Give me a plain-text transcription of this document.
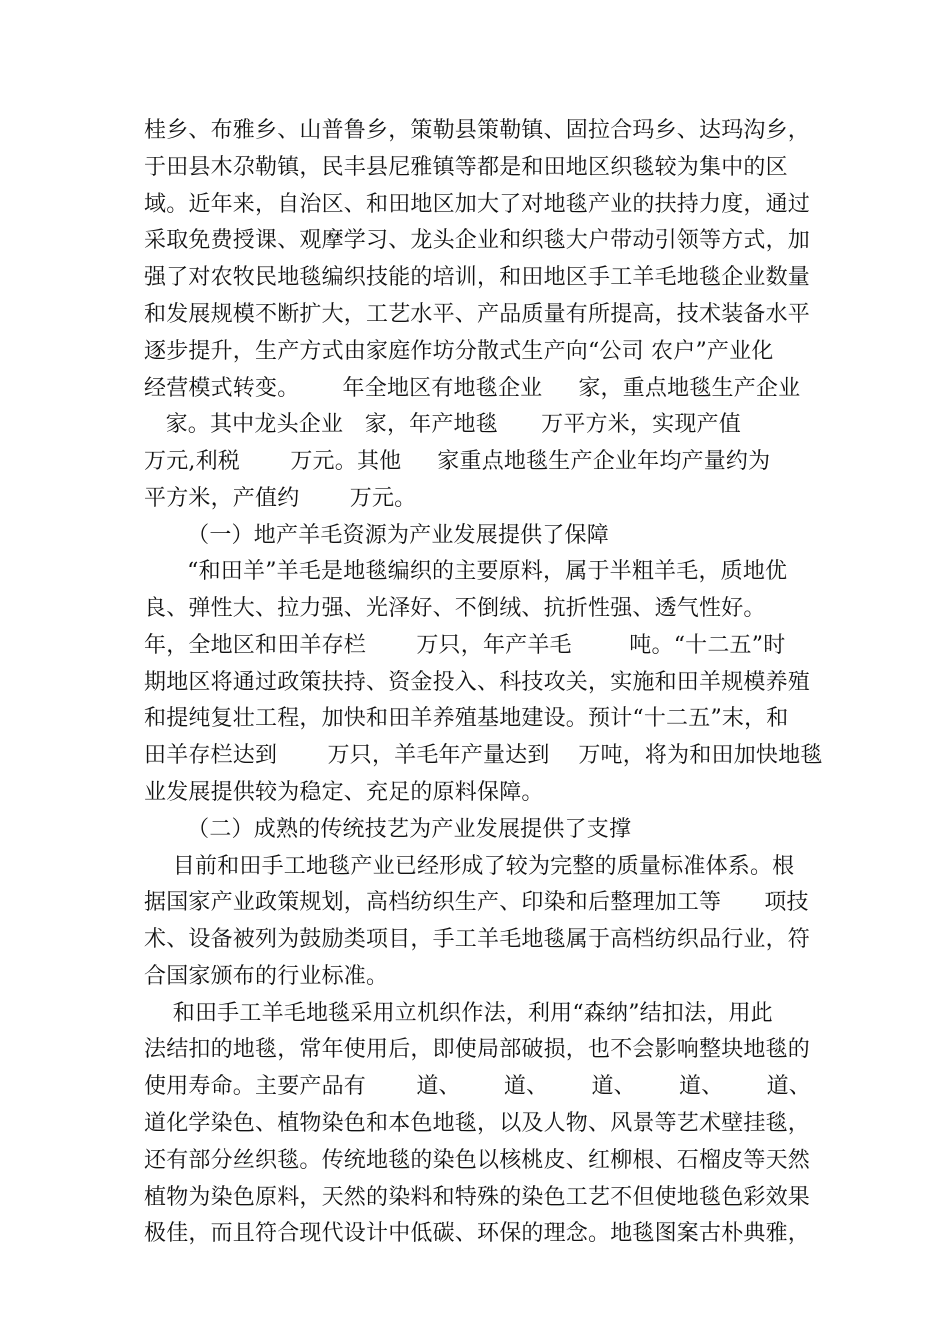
桂乡、布雅乡、山普鲁乡，策勒县策勒镇、固拉合玛乡、达玛沟乡，
于田县木尕勒镇，民丰县尼雅镇等都是和田地区织毯较为集中的区
域。近年来，自治区、和田地区加大了对地毯产业的扶持力度，通过
采取免费授课、观摩学习、龙头企业和织毯大户带动引领等方式，加
强了对农牧民地毯编织技能的培训，和田地区手工羊毛地毯企业数量
和发展规模不断扩大，工艺水平、产品质量有所提高，技术装备水平
逐步提升，生产方式由家庭作坊分散式生产向“公司 农户”产业化
经营模式转变。      年全地区有地毯企业     家，重点地毯生产企业
家。其中龙头企业   家，年产地毯      万平方米，实现产值
万元,利税       万元。其他     家重点地毯生产企业年均产量约为
平方米，产值约       万元。
（一）地产羊毛资源为产业发展提供了保障
“和田羊”羊毛是地毯编织的主要原料，属于半粗羊毛，质地优
良、弹性大、拉力强、光泽好、不倒绒、抗折性强、透气性好。
年，全地区和田羊存栏       万只，年产羊毛        吨。“十二五”时
期地区将通过政策扶持、资金投入、科技攻关，实施和田羊规模养殖
和提纯复壮工程，加快和田羊养殖基地建设。预计“十二五”末，和
田羊存栏达到       万只，羊毛年产量达到    万吨，将为和田加快地毯
业发展提供较为稳定、充足的原料保障。
（二）成熟的传统技艺为产业发展提供了支撑
目前和田手工地毯产业已经形成了较为完整的质量标准体系。根
据国家产业政策规划，高档纺织生产、印染和后整理加工等      项技
术、设备被列为鼓励类项目，手工羊毛地毯属于高档纺织品行业，符
合国家颁布的行业标准。
和田手工羊毛地毯采用立机织作法，利用“森纳”结扣法，用此
法结扣的地毯，常年使用后，即使局部破损，也不会影响整块地毯的
使用寿命。主要产品有       道、      道、      道、      道、      道、
道化学染色、植物染色和本色地毯，以及人物、风景等艺术壁挂毯，
还有部分丝织毯。传统地毯的染色以核桃皮、红柳根、石榴皮等天然
植物为染色原料，天然的染料和特殊的染色工艺不但使地毯色彩效果
极佳，而且符合现代设计中低碳、环保的理念。地毯图案古朴典雅，
